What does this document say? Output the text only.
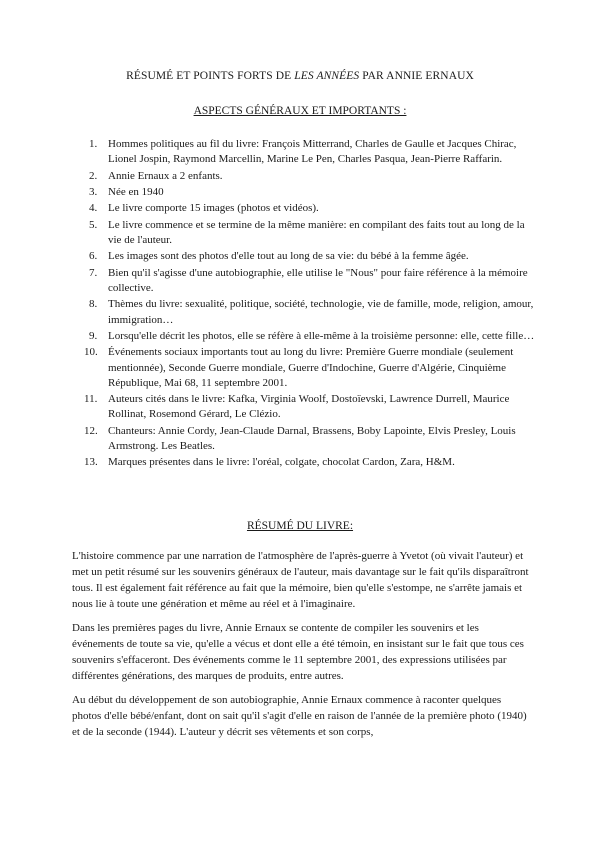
RÉSUMÉ ET POINTS FORTS DE LES ANNÉES PAR ANNIE ERNAUX
ASPECTS GÉNÉRAUX ET IMPORTANTS :
1. Hommes politiques au fil du livre: François Mitterrand, Charles de Gaulle et Jacques Chirac, Lionel Jospin, Raymond Marcellin, Marine Le Pen, Charles Pasqua, Jean-Pierre Raffarin.
2. Annie Ernaux a 2 enfants.
3. Née en 1940
4. Le livre comporte 15 images (photos et vidéos).
5. Le livre commence et se termine de la même manière: en compilant des faits tout au long de la vie de l'auteur.
6. Les images sont des photos d'elle tout au long de sa vie: du bébé à la femme âgée.
7. Bien qu'il s'agisse d'une autobiographie, elle utilise le "Nous" pour faire référence à la mémoire collective.
8. Thèmes du livre: sexualité, politique, société, technologie, vie de famille, mode, religion, amour, immigration…
9. Lorsqu'elle décrit les photos, elle se réfère à elle-même à la troisième personne: elle, cette fille…
10. Événements sociaux importants tout au long du livre: Première Guerre mondiale (seulement mentionnée), Seconde Guerre mondiale, Guerre d'Indochine, Guerre d'Algérie, Cinquième République, Mai 68, 11 septembre 2001.
11. Auteurs cités dans le livre: Kafka, Virginia Woolf, Dostoïevski, Lawrence Durrell, Maurice Rollinat, Rosemond Gérard, Le Clézio.
12. Chanteurs: Annie Cordy, Jean-Claude Darnal, Brassens, Boby Lapointe, Elvis Presley, Louis Armstrong. Les Beatles.
13. Marques présentes dans le livre: l'oréal, colgate, chocolat Cardon, Zara, H&M.
RÉSUMÉ DU LIVRE:

L'histoire commence par une narration de l'atmosphère de l'après-guerre à Yvetot (où vivait l'auteur) et met un petit résumé sur les souvenirs généraux de l'auteur, mais davantage sur le fait qu'ils disparaîtront tous. Il est également fait référence au fait que la mémoire, bien qu'elle s'estompe, ne s'arrête jamais et nous lie à toute une génération et même au réel et à l'imaginaire.

Dans les premières pages du livre, Annie Ernaux se contente de compiler les souvenirs et les événements de toute sa vie, qu'elle a vécus et dont elle a été témoin, en insistant sur le fait que tous ces souvenirs s'effaceront. Des événements comme le 11 septembre 2001, des expressions utilisées par différentes générations, des marques de produits, entre autres.

Au début du développement de son autobiographie, Annie Ernaux commence à raconter quelques photos d'elle bébé/enfant, dont on sait qu'il s'agit d'elle en raison de l'année de la première photo (1940) et de la seconde (1944). L'auteur y décrit ses vêtements et son corps,
